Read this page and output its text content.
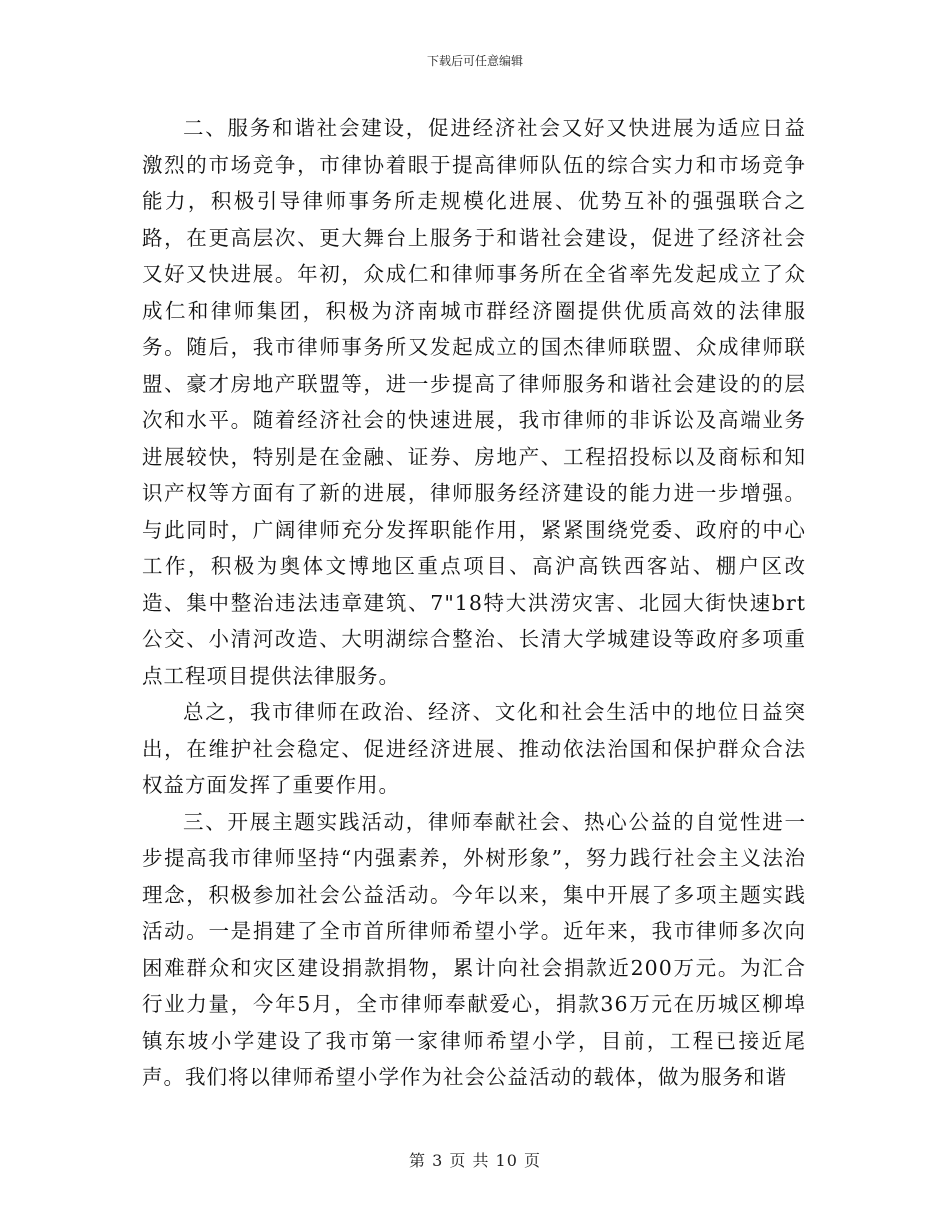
下载后可任意编辑

二、服务和谐社会建设，促进经济社会又好又快进展为适应日益激烈的市场竞争，市律协着眼于提高律师队伍的综合实力和市场竞争能力，积极引导律师事务所走规模化进展、优势互补的强强联合之路，在更高层次、更大舞台上服务于和谐社会建设，促进了经济社会又好又快进展。年初，众成仁和律师事务所在全省率先发起成立了众成仁和律师集团，积极为济南城市群经济圈提供优质高效的法律服务。随后，我市律师事务所又发起成立的国杰律师联盟、众成律师联盟、豪才房地产联盟等，进一步提高了律师服务和谐社会建设的的层次和水平。随着经济社会的快速进展，我市律师的非诉讼及高端业务进展较快，特别是在金融、证券、房地产、工程招投标以及商标和知识产权等方面有了新的进展，律师服务经济建设的能力进一步增强。与此同时，广阔律师充分发挥职能作用，紧紧围绕党委、政府的中心工作，积极为奥体文博地区重点项目、高沪高铁西客站、棚户区改造、集中整治违法违章建筑、7"18特大洪涝灾害、北园大街快速brt公交、小清河改造、大明湖综合整治、长清大学城建设等政府多项重点工程项目提供法律服务。

总之，我市律师在政治、经济、文化和社会生活中的地位日益突出，在维护社会稳定、促进经济进展、推动依法治国和保护群众合法权益方面发挥了重要作用。

三、开展主题实践活动，律师奉献社会、热心公益的自觉性进一步提高我市律师坚持“内强素养，外树形象”，努力践行社会主义法治理念，积极参加社会公益活动。今年以来，集中开展了多项主题实践活动。一是捐建了全市首所律师希望小学。近年来，我市律师多次向困难群众和灾区建设捐款捐物，累计向社会捐款近200万元。为汇合行业力量，今年5月，全市律师奉献爱心，捐款36万元在历城区柳埠镇东坡小学建设了我市第一家律师希望小学，目前，工程已接近尾声。我们将以律师希望小学作为社会公益活动的载体，做为服务和谐

第 3 页 共 10 页
